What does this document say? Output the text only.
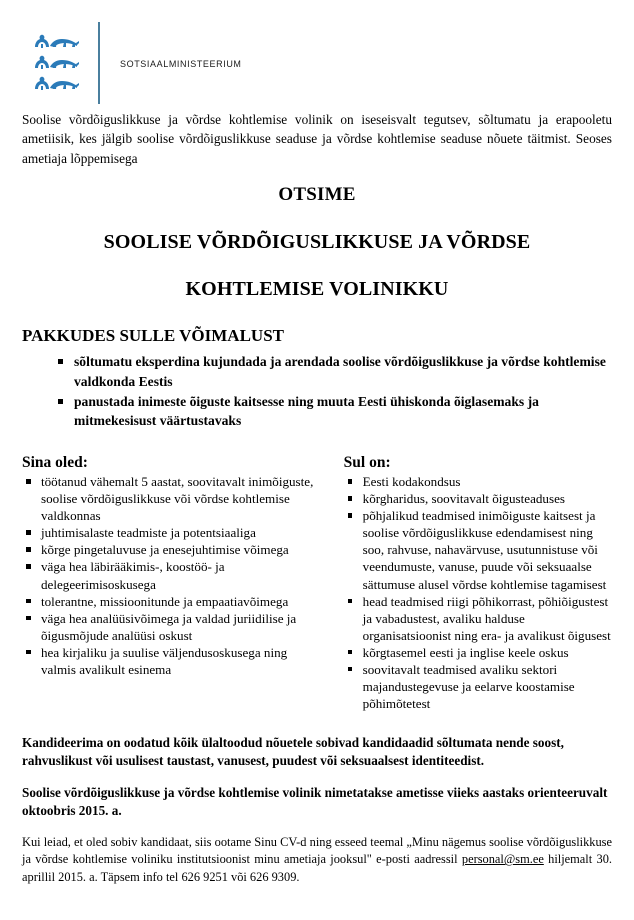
sotsiaalministeerium

Soolise võrdõiguslikkuse ja võrdse kohtlemise volinik on iseseisvalt tegutsev, sõltumatu ja erapooletu ametiisik, kes jälgib soolise võrdõiguslikkuse seaduse ja võrdse kohtlemise seaduse nõuete täitmist. Seoses ametiaja lõppemisega

OTSIME
SOOLISE VÕRDÕIGUSLIKKUSE JA VÕRDSE
KOHTLEMISE VOLINIKKU
PAKKUDES SULLE VÕIMALUST
sõltumatu eksperdina kujundada ja arendada soolise võrdõiguslikkuse ja võrdse kohtlemise valdkonda Eestis
panustada inimeste õiguste kaitsesse ning muuta Eesti ühiskonda õiglasemaks ja mitmekesisust väärtustavaks
Sina oled:
töötanud vähemalt 5 aastat, soovitavalt inimõiguste, soolise võrdõiguslikkuse või võrdse kohtlemise valdkonnas
juhtimisalaste teadmiste ja potentsiaaliga
kõrge pingetaluvuse ja enesejuhtimise võimega
väga hea läbirääkimis-, koostöö- ja delegeerimisoskusega
tolerantne, missioonitunde ja empaatiavõimega
väga hea analüüsivõimega ja valdad juriidilise ja õigusmõjude analüüsi oskust
hea kirjaliku ja suulise väljendusoskusega ning valmis avalikult esinema
Sul on:
Eesti kodakondsus
kõrgharidus, soovitavalt õigusteaduses
põhjalikud teadmised inimõiguste kaitsest ja soolise võrdõiguslikkuse edendamisest ning soo, rahvuse, nahavärvuse, usutunnistuse või veendumuste, vanuse, puude või seksuaalse sättumuse alusel võrdse kohtlemise tagamisest
head teadmised riigi põhikorrast, põhiõigustest ja vabadustest, avaliku halduse organisatsioonist ning era- ja avalikust õigusest
kõrgtasemel eesti ja inglise keele oskus
soovitavalt teadmised avaliku sektori majandustegevuse ja eelarve koostamise põhimõtetest

Kandideerima on oodatud kõik ülaltoodud nõuetele sobivad kandidaadid sõltumata nende soost, rahvuslikust või usulisest taustast, vanusest, puudest või seksuaalsest identiteedist.

Soolise võrdõiguslikkuse ja võrdse kohtlemise volinik nimetatakse ametisse viieks aastaks orienteeruvalt oktoobris 2015. a.

Kui leiad, et oled sobiv kandidaat, siis ootame Sinu CV-d ning esseed teemal „Minu nägemus soolise võrdõiguslikkuse ja võrdse kohtlemise voliniku institutsioonist minu ametiaja jooksul" e-posti aadressil personal@sm.ee hiljemalt 30. aprillil 2015. a. Täpsem info tel 626 9251 või 626 9309.
